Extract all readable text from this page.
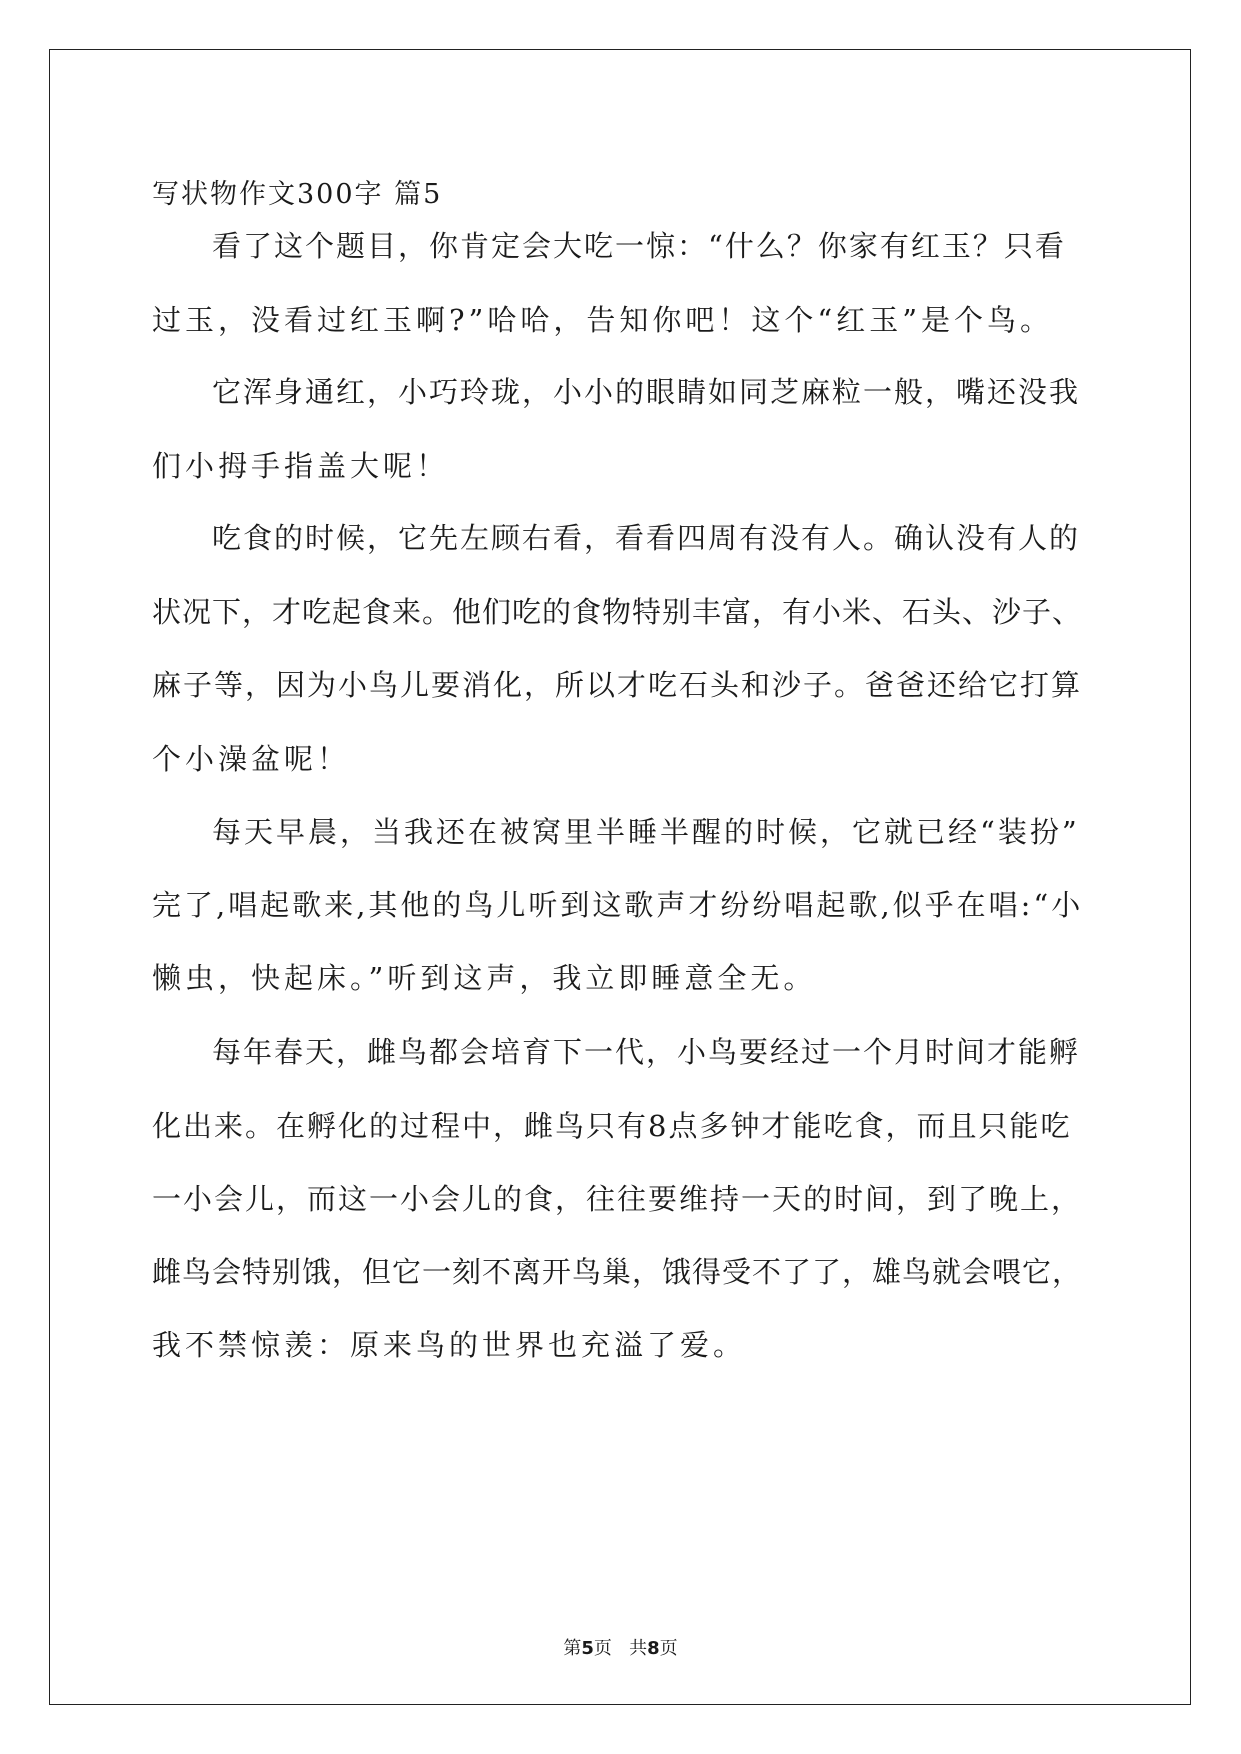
写状物作文300字 篇5
看了这个题目，你肯定会大吃一惊：“什么？你家有红玉？只看
过玉，没看过红玉啊?”哈哈，告知你吧！这个“红玉”是个鸟。
它浑身通红，小巧玲珑，小小的眼睛如同芝麻粒一般，嘴还没我
们小拇手指盖大呢！
吃食的时候，它先左顾右看，看看四周有没有人。确认没有人的
状况下，才吃起食来。他们吃的食物特别丰富，有小米、石头、沙子、
麻子等，因为小鸟儿要消化，所以才吃石头和沙子。爸爸还给它打算
个小澡盆呢！
每天早晨，当我还在被窝里半睡半醒的时候，它就已经“装扮”
完了,唱起歌来,其他的鸟儿听到这歌声才纷纷唱起歌,似乎在唱:“小
懒虫，快起床。”听到这声，我立即睡意全无。
每年春天，雌鸟都会培育下一代，小鸟要经过一个月时间才能孵
化出来。在孵化的过程中，雌鸟只有8点多钟才能吃食，而且只能吃
一小会儿，而这一小会儿的食，往往要维持一天的时间，到了晚上，
雌鸟会特别饿，但它一刻不离开鸟巢，饿得受不了了，雄鸟就会喂它，
我不禁惊羡：原来鸟的世界也充溢了爱。
第5页 共8页
